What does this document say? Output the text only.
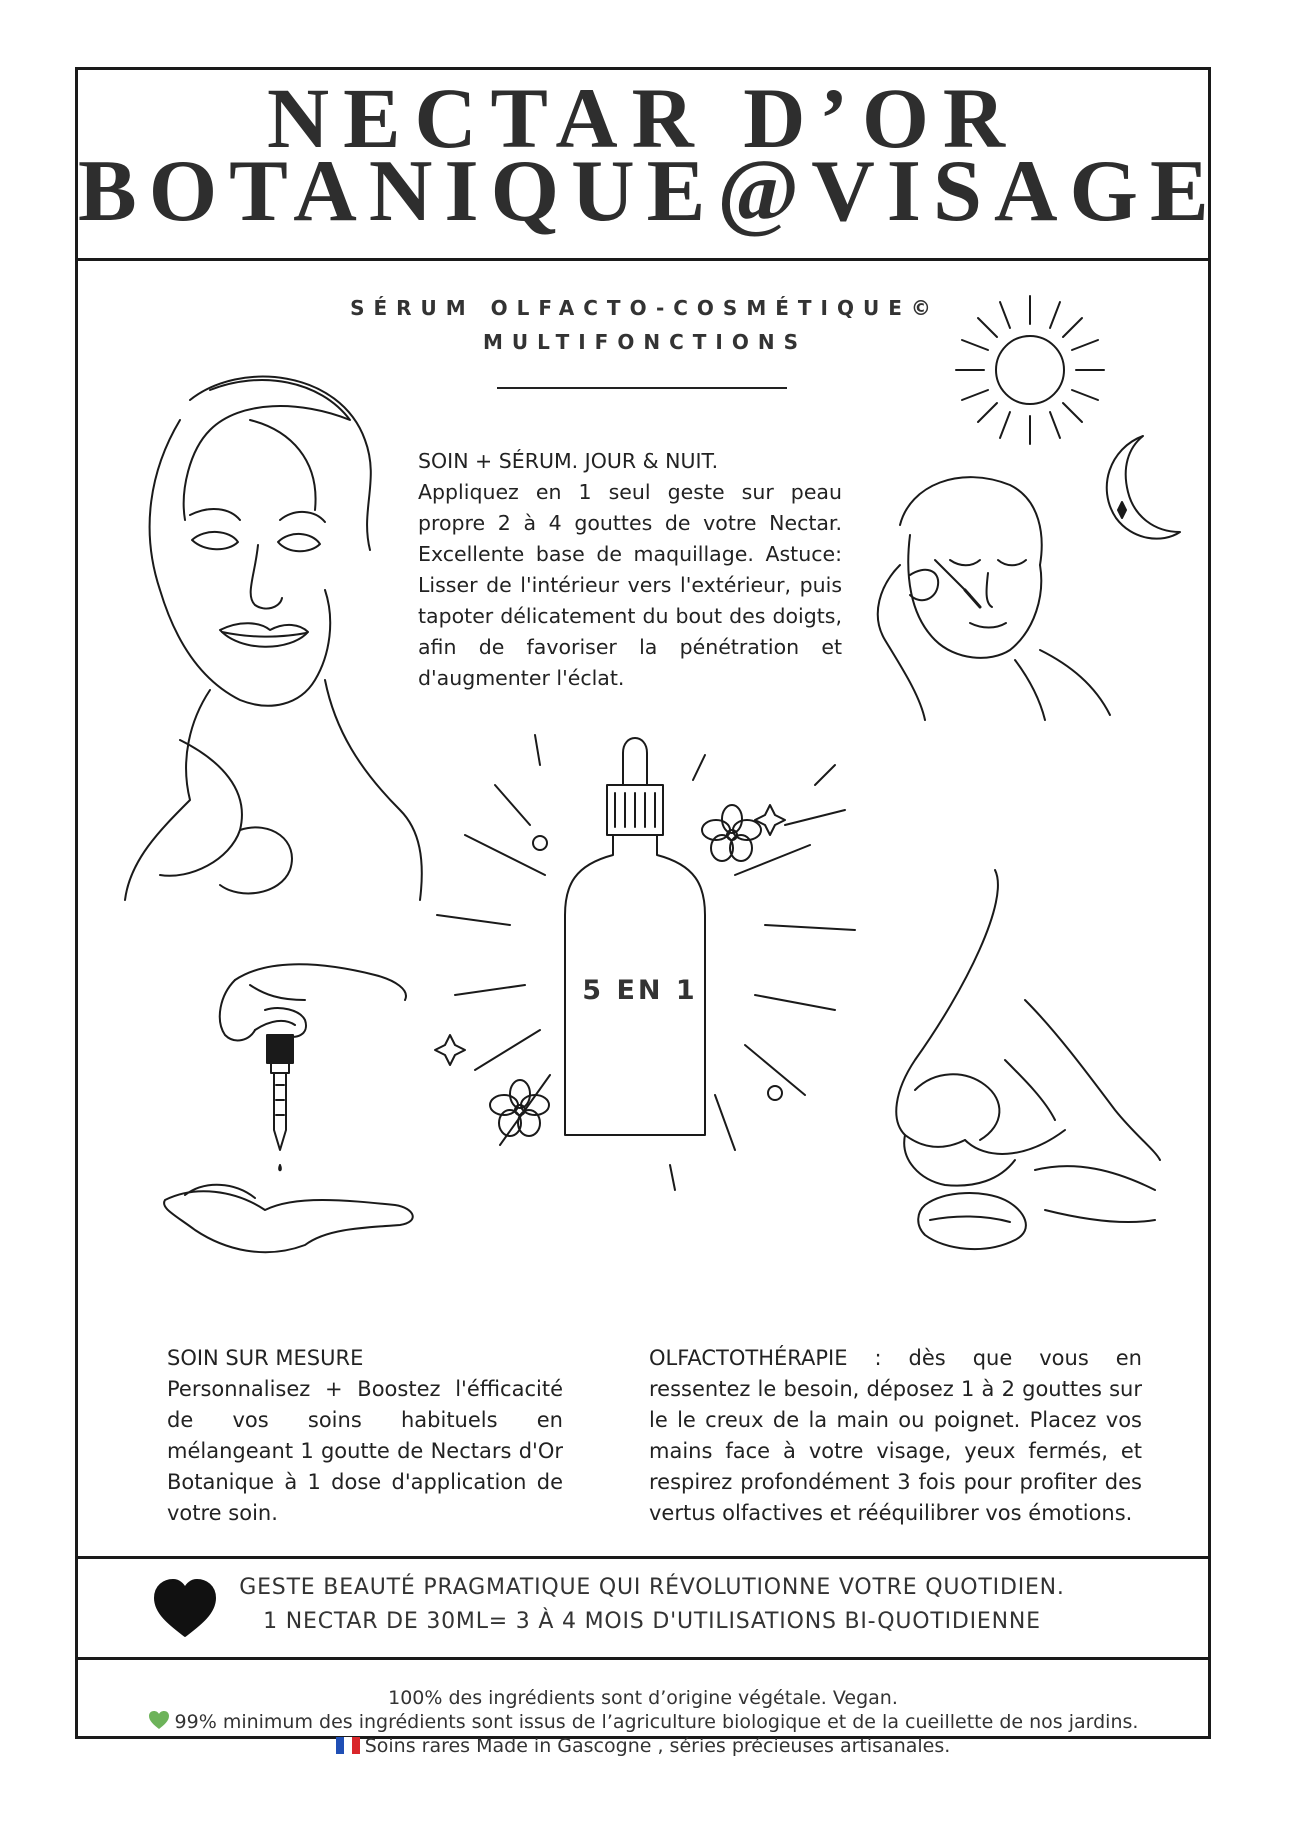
NECTAR D’OR
BOTANIQUE@VISAGE
SÉRUM OLFACTO-COSMÉTIQUE©
MULTIFONCTIONS
5 EN 1

SOIN + SÉRUM. JOUR & NUIT.
Appliquez en 1 seul geste sur peau propre 2 à 4 gouttes de votre Nectar. Excellente base de maquillage. Astuce: Lisser de l'intérieur vers l'extérieur, puis tapoter délicatement du bout des doigts, afin de favoriser la pénétration et d'augmenter l'éclat.

SOIN SUR MESURE
Personnalisez + Boostez l'éfficacité de vos soins habituels en mélangeant 1 goutte de Nectars d'Or Botanique à 1 dose d'application de votre soin.

OLFACTOTHÉRAPIE : dès que vous en ressentez le besoin, déposez 1 à 2 gouttes sur le le creux de la main ou poignet. Placez vos mains face à votre visage, yeux fermés, et respirez profondément 3 fois pour profiter des vertus olfactives et rééquilibrer vos émotions.

GESTE BEAUTÉ PRAGMATIQUE QUI RÉVOLUTIONNE VOTRE QUOTIDIEN.
1 NECTAR DE 30ML= 3 À 4 MOIS D'UTILISATIONS BI-QUOTIDIENNE
100% des ingrédients sont d’origine végétale. Vegan.
99% minimum des ingrédients sont issus de l’agriculture biologique et de la cueillette de nos jardins.
Soins rares Made in Gascogne , séries précieuses artisanales.
